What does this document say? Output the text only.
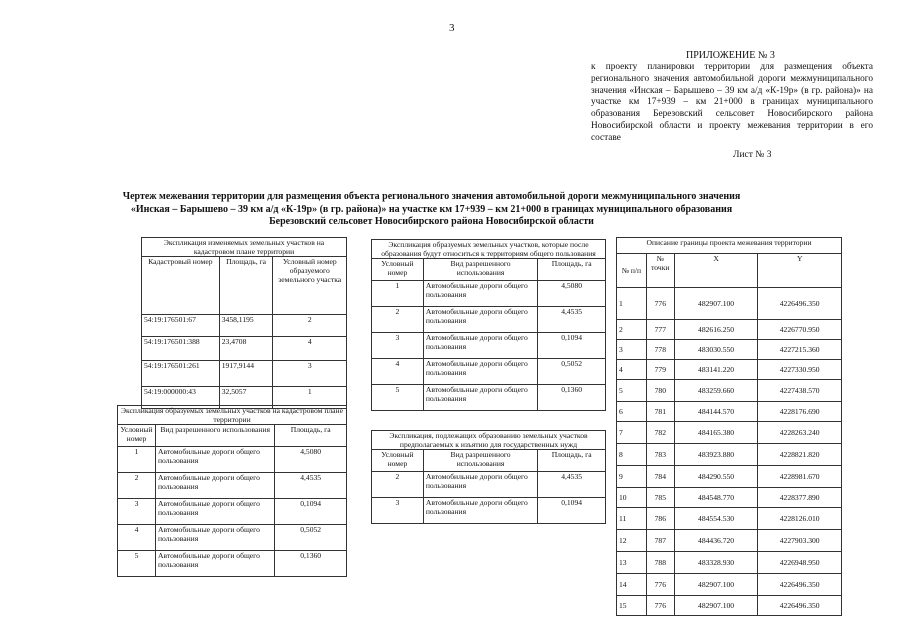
3
ПРИЛОЖЕНИЕ № 3
к проекту планировки территории для размещения объекта регионального значения автомобильной дороги межмуниципального значения «Инская – Барышево – 39 км а/д «К-19р» (в гр. района)» на участке км 17+939 – км 21+000 в границах муниципального образования Березовский сельсовет Новосибирского района Новосибирской области и проекту межевания территории в его составе
Лист № 3
Чертеж межевания территории для размещения объекта регионального значения автомобильной дороги межмуниципального значения «Инская – Барышево – 39 км а/д «К-19р» (в гр. района)» на участке км 17+939 – км 21+000 в границах муниципального образования Березовский сельсовет Новосибирского района Новосибирской области
Экспликация изменяемых земельных участков на кадастровом плане территории		
Кадастровый номер	Площадь, га	Условный номер образуемого земельного участка
54:19:176501:67	3458,1195	2
54:19:176501:388	23,4708	4
54:19:176501:261	1917,9144	3
54:19:000000:43	32,5057	1
Экспликация образуемых земельных участков на кадастровом плане территории		
Условный номер	Вид разрешенного использования	Площадь, га
1	Автомобильные дороги общего пользования	4,5080
2	Автомобильные дороги общего пользования	4,4535
3	Автомобильные дороги общего пользования	0,1094
4	Автомобильные дороги общего пользования	0,5052
5	Автомобильные дороги общего пользования	0,1360
Экспликация образуемых земельных участков, которые после образования будут относиться к территориям общего пользования		
Условный номер	Вид разрешенного использования	Площадь, га
1	Автомобильные дороги общего пользования	4,5080
2	Автомобильные дороги общего пользования	4,4535
3	Автомобильные дороги общего пользования	0,1094
4	Автомобильные дороги общего пользования	0,5052
5	Автомобильные дороги общего пользования	0,1360
Экспликация, подлежащих образованию земельных участков предполагаемых к изъятию для государственных нужд		
Условный номер	Вид разрешенного использования	Площадь, га
2	Автомобильные дороги общего пользования	4,4535
3	Автомобильные дороги общего пользования	0,1094
Описание границы проекта межевания территории			
№ п/п	№ точки	X	Y
1	776	482907.100	4226496.350
2	777	482616.250	4226770.950
3	778	483030.550	4227215.360
4	779	483141.220	4227330.950
5	780	483259.660	4227438.570
6	781	484144.570	4228176.690
7	782	484165.380	4228263.240
8	783	483923.880	4228821.820
9	784	484290.550	4228981.670
10	785	484548.770	4228377.890
11	786	484554.530	4228126.010
12	787	484436.720	4227903.300
13	788	483328.930	4226948.950
14	776	482907.100	4226496.350
15	776	482907.100	4226496.350
